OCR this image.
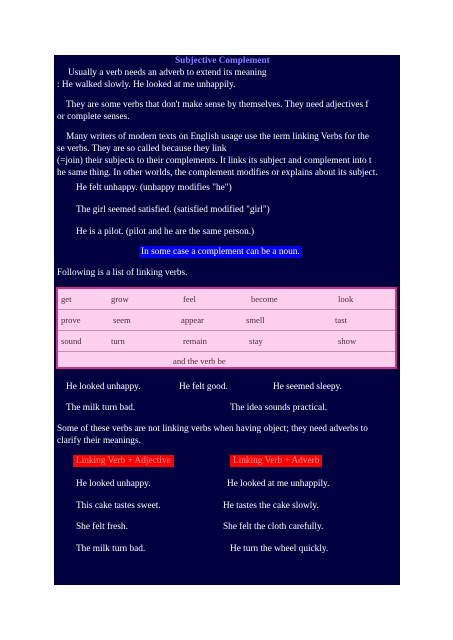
Subjective Complement
Usually a verb needs an adverb to extend its meaning
: He walked slowly. He looked at me unhappily.
They are some verbs that don't make sense by themselves. They need adjectives f
or complete senses.
Many writers of modern texts on English usage use the term linking Verbs for the
se verbs. They are so called because they link
(=join) their subjects to their complements. It links its subject and complement into t
he same thing. In other worlds, the complement modifies or explains about its subject.
He felt unhappy. (unhappy modifies "he")
The girl seemed satisfied. (satisfied modified "girl")
He is a pilot. (pilot and he are the same person.)
In some case a complement can be a noun.
Following is a list of linking verbs.
get	grow	feel	become	look
prove	seem	appear	smell	tast
sound	turn	remain	stay	show
and the verb be
He looked unhappy.	He felt good.	He seemed sleepy.
The milk turn bad.	The idea sounds practical.
Some of these verbs are not linking verbs when having object; they need adverbs to
clarify their meanings.
Linking Verb + Adjective	Linking Verb + Adverb
He looked unhappy.	He looked at me unhappily.
This cake tastes sweet.	He tastes the cake slowly.
She felt fresh.	She felt the cloth carefully.
The milk turn bad.	He turn the wheel quickly.
